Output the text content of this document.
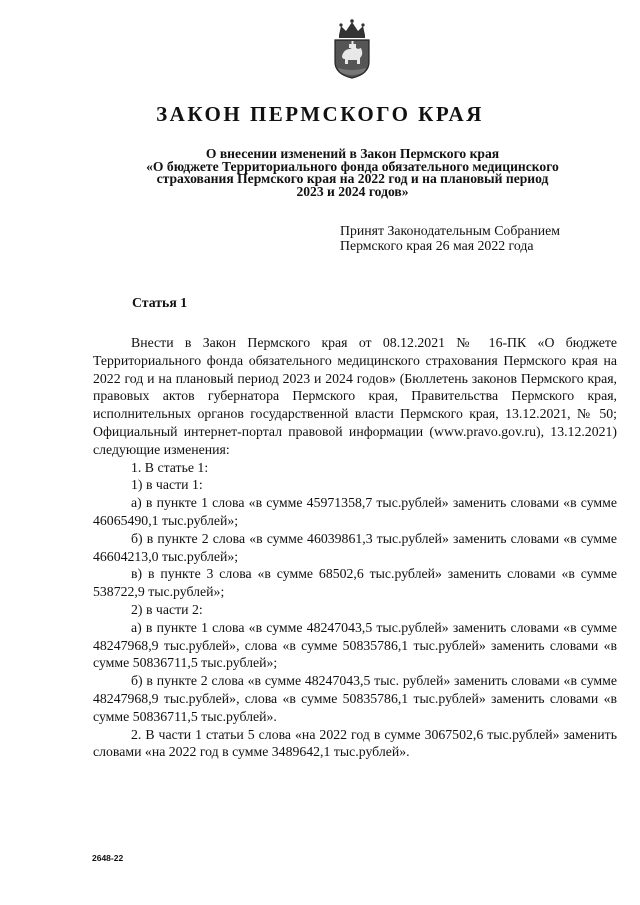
ЗАКОН ПЕРМСКОГО КРАЯ
О внесении изменений в Закон Пермского края
«О бюджете Территориального фонда обязательного медицинского
страхования Пермского края на 2022 год и на плановый период
2023 и 2024 годов»
Принят Законодательным Собранием
Пермского края 26 мая 2022 года
Статья 1

Внести в Закон Пермского края от 08.12.2021 № 16-ПК «О бюджете Территориального фонда обязательного медицинского страхования Пермского края на 2022 год и на плановый период 2023 и 2024 годов» (Бюллетень законов Пермского края, правовых актов губернатора Пермского края, Правительства Пермского края, исполнительных органов государственной власти Пермского края, 13.12.2021, № 50; Официальный интернет-портал правовой информации (www.pravo.gov.ru), 13.12.2021) следующие изменения:

1. В статье 1:

1) в части 1:

а) в пункте 1 слова «в сумме 45971358,7 тыс.рублей» заменить словами «в сумме 46065490,1 тыс.рублей»;

б) в пункте 2 слова «в сумме 46039861,3 тыс.рублей» заменить словами «в сумме 46604213,0 тыс.рублей»;

в) в пункте 3 слова «в сумме 68502,6 тыс.рублей» заменить словами «в сумме 538722,9 тыс.рублей»;

2) в части 2:

а) в пункте 1 слова «в сумме 48247043,5 тыс.рублей» заменить словами «в сумме 48247968,9 тыс.рублей», слова «в сумме 50835786,1 тыс.рублей» заменить словами «в сумме 50836711,5 тыс.рублей»;

б) в пункте 2 слова «в сумме 48247043,5 тыс. рублей» заменить словами «в сумме 48247968,9 тыс.рублей», слова «в сумме 50835786,1 тыс.рублей» заменить словами «в сумме 50836711,5 тыс.рублей».

2. В части 1 статьи 5 слова «на 2022 год в сумме 3067502,6 тыс.рублей» заменить словами «на 2022 год в сумме 3489642,1 тыс.рублей».

2648-22
